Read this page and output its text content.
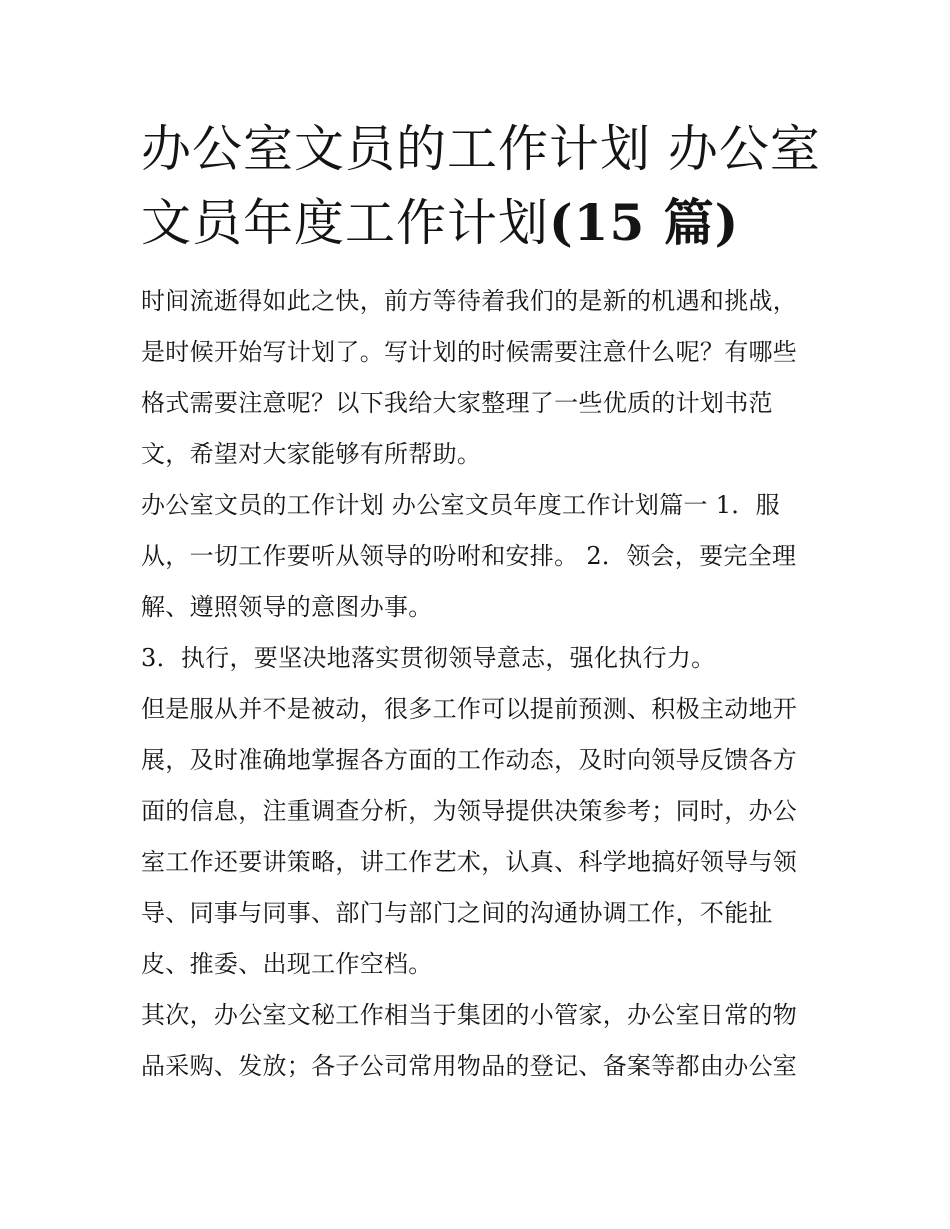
办公室文员的工作计划 办公室
文员年度工作计划(15 篇)

时间流逝得如此之快，前方等待着我们的是新的机遇和挑战，
是时候开始写计划了。写计划的时候需要注意什么呢？有哪些
格式需要注意呢？以下我给大家整理了一些优质的计划书范
文，希望对大家能够有所帮助。

办公室文员的工作计划 办公室文员年度工作计划篇一 1．服
从，一切工作要听从领导的吩咐和安排。 2．领会，要完全理
解、遵照领导的意图办事。

3．执行，要坚决地落实贯彻领导意志，强化执行力。

但是服从并不是被动，很多工作可以提前预测、积极主动地开
展，及时准确地掌握各方面的工作动态，及时向领导反馈各方
面的信息，注重调查分析，为领导提供决策参考；同时，办公
室工作还要讲策略，讲工作艺术，认真、科学地搞好领导与领
导、同事与同事、部门与部门之间的沟通协调工作，不能扯
皮、推委、出现工作空档。

其次，办公室文秘工作相当于集团的小管家，办公室日常的物
品采购、发放；各子公司常用物品的登记、备案等都由办公室
